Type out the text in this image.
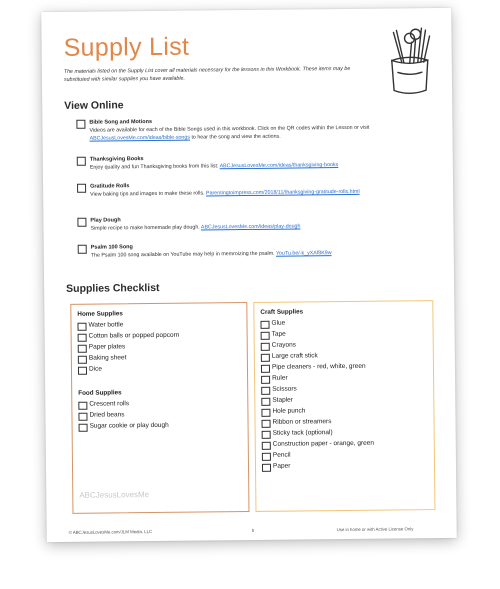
Supply List
The materials listed on the Supply List cover all materials necessary for the lessons in this Workbook. These items may be substituted with similar supplies you have available.
View Online
Bible Song and Motions
Videos are available for each of the Bible Songs used in this workbook. Click on the QR codes within the Lesson or visit ABCJesusLovesMe.com/ideas/bible-songs to hear the song and view the actions.
Thanksgiving Books
Enjoy quality and fun Thanksgiving books from this list: ABCJesusLovesMe.com/ideas/thanksgiving-books
Gratitude Rolls
View baking tips and images to make these rolls. Parentingtoimpress.com/2018/11/thanksgiving-gratitude-rolls.html
Play Dough
Simple recipe to make homemade play dough. ABCJesusLovesMe.com/ideas/play-dough
Psalm 100 Song
The Psalm 100 song available on YouTube may help in memroizing the psalm. YouTu.be/-k_yXAf8K9w
Supplies Checklist
Home Supplies
Water bottle
Cotton balls or popped popcorn
Paper plates
Baking sheet
Dice
Food Supplies
Crescent rolls
Dried beans
Sugar cookie or play dough
ABCJesusLovesMe
Craft Supplies
Glue
Tape
Crayons
Large craft stick
Pipe cleaners - red, white, green
Ruler
Scissors
Stapler
Hole punch
Ribbon or streamers
Sticky tack (optional)
Construction paper - orange, green
Pencil
Paper
© ABCJesusLovesMe.com/JLM Media, LLC	5	Use in home or with Active License Only
